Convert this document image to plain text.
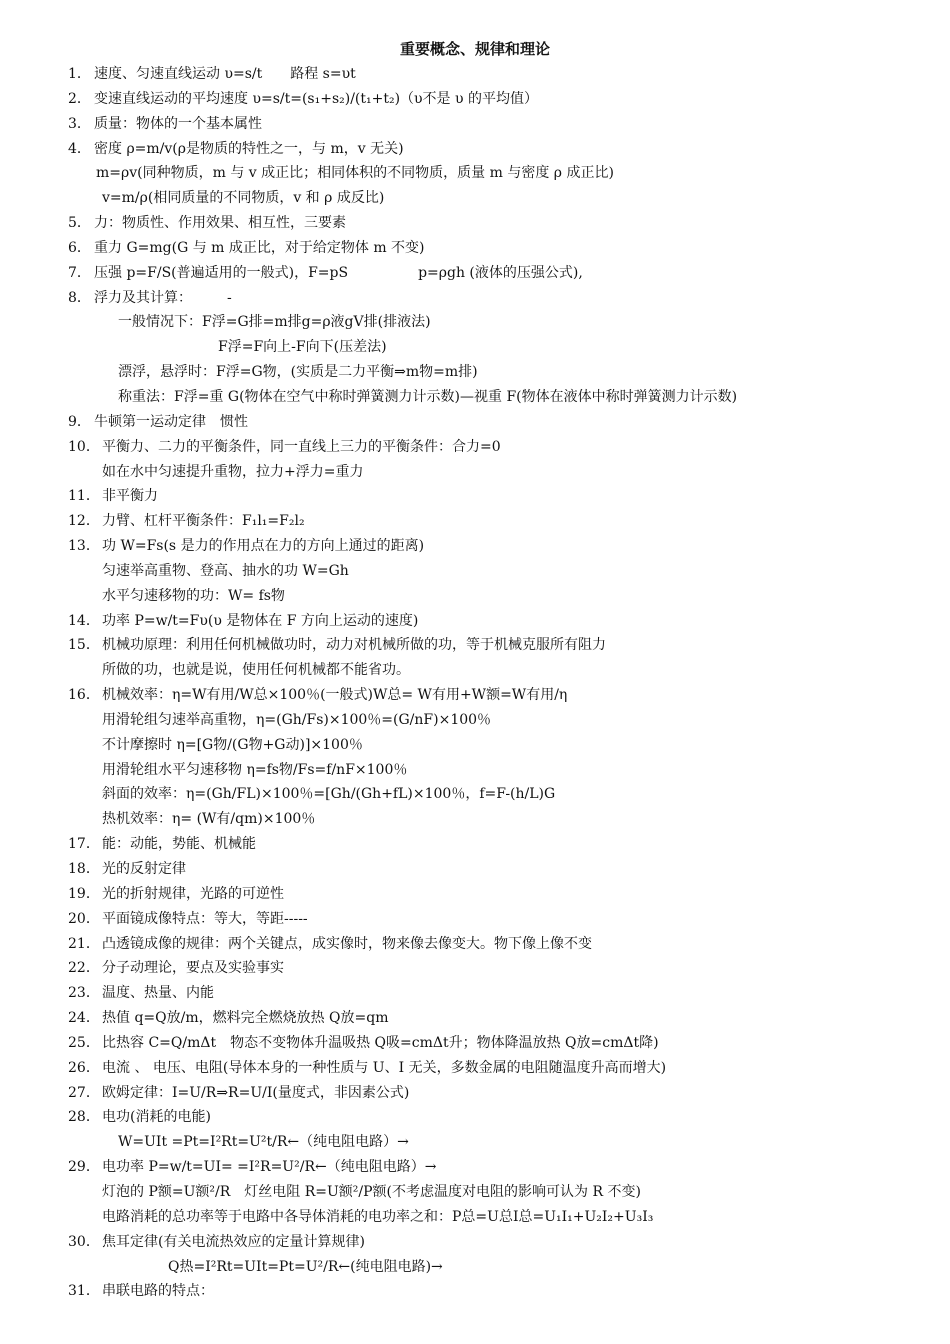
重要概念、规律和理论
1． 速度、匀速直线运动 υ=s/t　　路程 s=υt
2． 变速直线运动的平均速度 υ=s/t=(s₁+s₂)/(t₁+t₂)（υ不是 υ 的平均值）
3． 质量：物体的一个基本属性
4． 密度 ρ=m/v(ρ是物质的特性之一，与 m，v 无关)
m=ρv(同种物质，m 与 v 成正比；相同体积的不同物质，质量 m 与密度 ρ 成正比)
v=m/ρ(相同质量的不同物质，v 和 ρ 成反比)
5． 力：物质性、作用效果、相互性，三要素
6． 重力 G=mg(G 与 m 成正比，对于给定物体 m 不变)
7． 压强 p=F/S(普遍适用的一般式)，F=pS　　　　　p=ρgh (液体的压强公式),
8． 浮力及其计算：　　　-
一般情况下：F浮=G排=m排g=ρ液gV排(排液法)
F浮=F向上-F向下(压差法)
漂浮，悬浮时：F浮=G物，(实质是二力平衡⇒m物=m排)
称重法：F浮=重 G(物体在空气中称时弹簧测力计示数)—视重 F(物体在液体中称时弹簧测力计示数)
9． 牛顿第一运动定律　惯性
10． 平衡力、二力的平衡条件，同一直线上三力的平衡条件：合力=0
如在水中匀速提升重物，拉力+浮力=重力
11． 非平衡力
12． 力臂、杠杆平衡条件：F₁l₁=F₂l₂
13． 功 W=Fs(s 是力的作用点在力的方向上通过的距离)
匀速举高重物、登高、抽水的功 W=Gh
水平匀速移物的功：W= fs物
14． 功率 P=w/t=Fυ(υ 是物体在 F 方向上运动的速度)
15． 机械功原理：利用任何机械做功时，动力对机械所做的功，等于机械克服所有阻力
所做的功，也就是说，使用任何机械都不能省功。
16． 机械效率：η=W有用/W总×100％(一般式)W总= W有用+W额=W有用/η
用滑轮组匀速举高重物，η=(Gh/Fs)×100％=(G/nF)×100％
不计摩擦时 η=[G物/(G物+G动)]×100％
用滑轮组水平匀速移物 η=fs物/Fs=f/nF×100％
斜面的效率：η=(Gh/FL)×100％=[Gh/(Gh+fL)×100％，f=F-(h/L)G
热机效率：η= (W有/qm)×100％
17． 能：动能，势能、机械能
18． 光的反射定律
19． 光的折射规律，光路的可逆性
20． 平面镜成像特点：等大，等距-----
21． 凸透镜成像的规律：两个关键点，成实像时，物来像去像变大。物下像上像不变
22． 分子动理论，要点及实验事实
23． 温度、热量、内能
24． 热值 q=Q放/m，燃料完全燃烧放热 Q放=qm
25． 比热容 C=Q/mΔt　物态不变物体升温吸热 Q吸=cmΔt升；物体降温放热 Q放=cmΔt降)
26． 电流 、 电压、电阻(导体本身的一种性质与 U、I 无关，多数金属的电阻随温度升高而增大)
27． 欧姆定律：I=U/R⇒R=U/I(量度式，非因素公式)
28． 电功(消耗的电能)
W=UIt =Pt=I²Rt=U²t/R←（纯电阻电路）→
29． 电功率 P=w/t=UI= =I²R=U²/R←（纯电阻电路）→
灯泡的 P额=U额²/R　灯丝电阻 R=U额²/P额(不考虑温度对电阻的影响可认为 R 不变)
电路消耗的总功率等于电路中各导体消耗的电功率之和：P总=U总I总=U₁I₁+U₂I₂+U₃I₃
30． 焦耳定律(有关电流热效应的定量计算规律)
Q热=I²Rt=UIt=Pt=U²/R←(纯电阻电路)→
31． 串联电路的特点：
